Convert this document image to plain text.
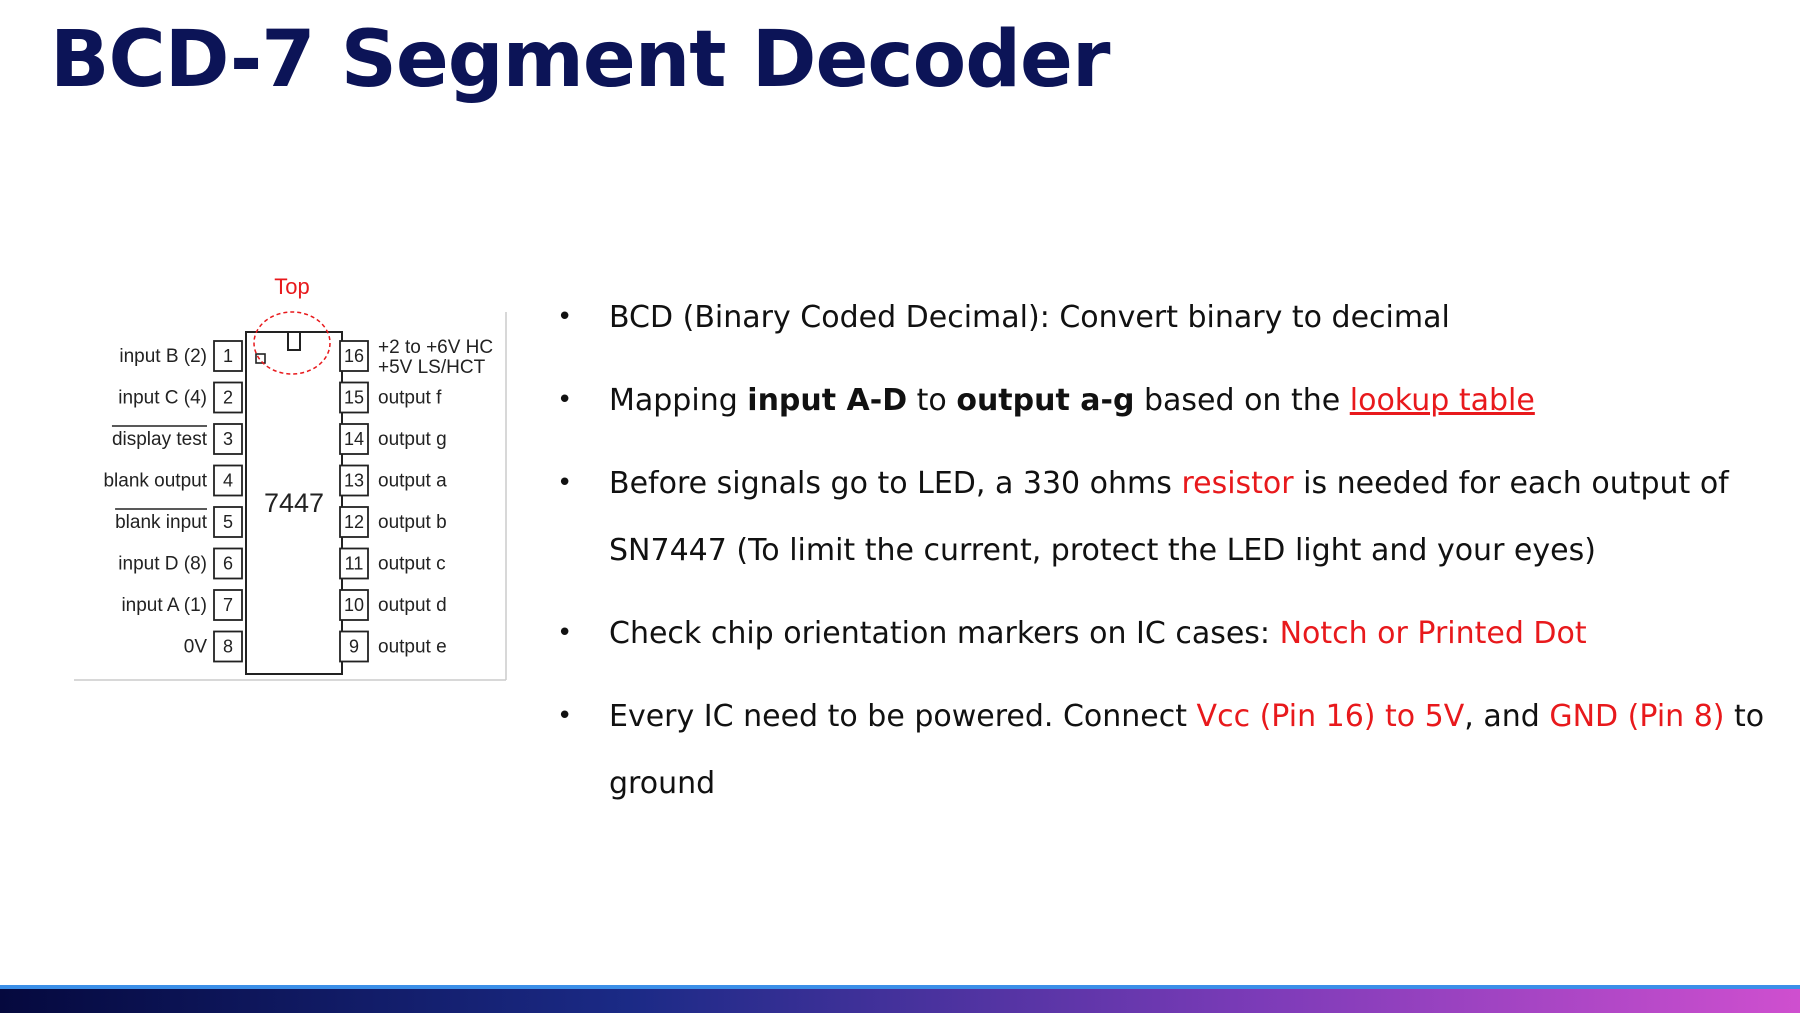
BCD-7 Segment Decoder
Top
7447
1
input B (2)
2
input C (4)
3
display test
4
blank output
5
blank input
6
input D (8)
7
input A (1)
8
0V
16 +2 to +6V HC
+5V LS/HCT
15 output f
14 output g
13 output a
12 output b
11 output c
10 output d
9 output e
• BCD (Binary Coded Decimal): Convert binary to decimal
• Mapping input A-D to output a-g based on the lookup table
• Before signals go to LED, a 330 ohms resistor is needed for each output of SN7447 (To limit the current, protect the LED light and your eyes)
• Check chip orientation markers on IC cases: Notch or Printed Dot
• Every IC need to be powered. Connect Vcc (Pin 16) to 5V, and GND (Pin 8) to ground
